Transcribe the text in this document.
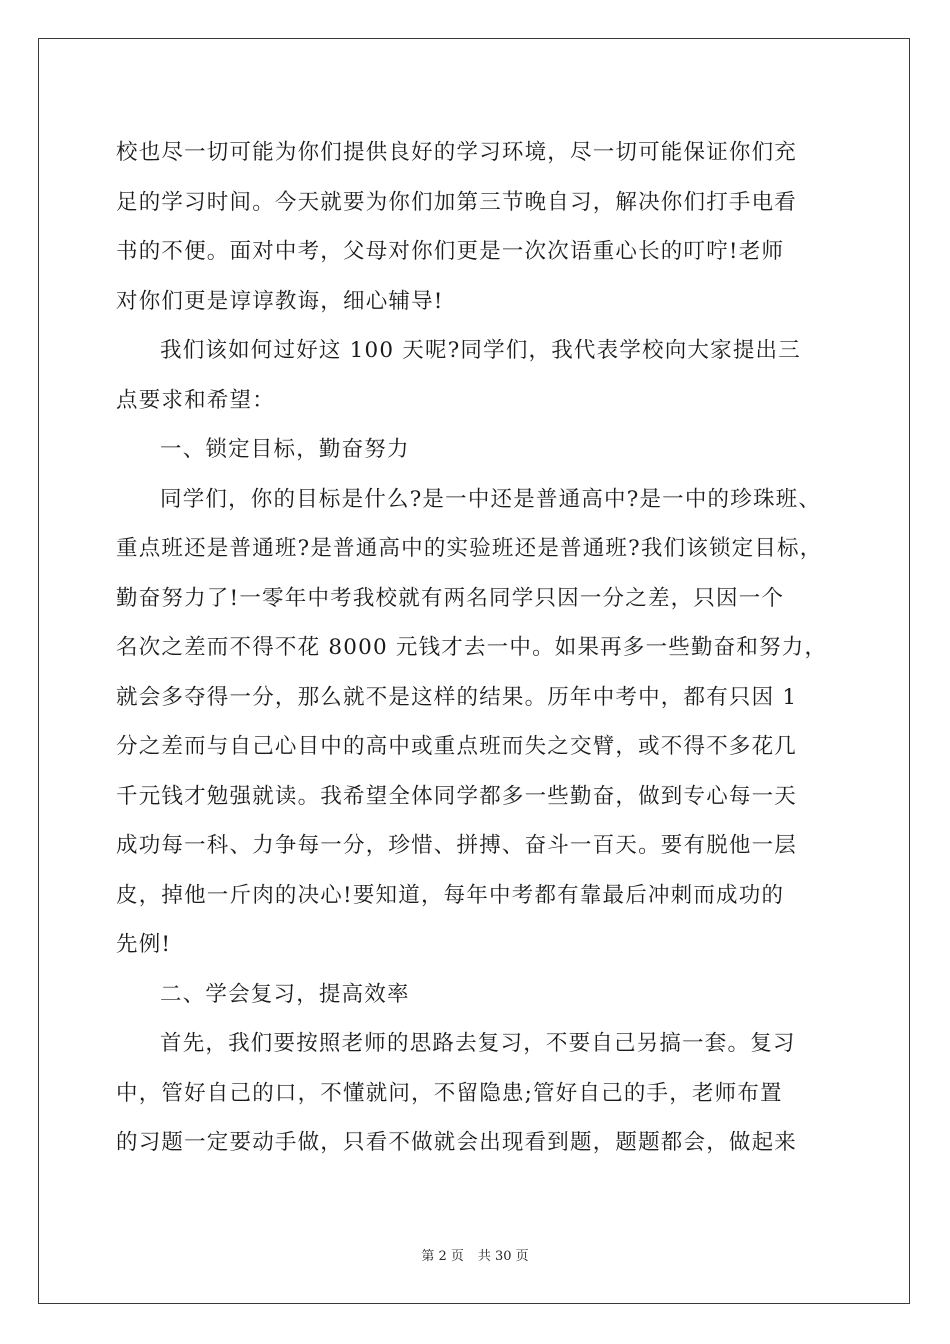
校也尽一切可能为你们提供良好的学习环境，尽一切可能保证你们充
足的学习时间。今天就要为你们加第三节晚自习，解决你们打手电看
书的不便。面对中考，父母对你们更是一次次语重心长的叮咛!老师
对你们更是谆谆教诲，细心辅导!
我们该如何过好这 100 天呢?同学们，我代表学校向大家提出三
点要求和希望：
一、锁定目标，勤奋努力
同学们，你的目标是什么?是一中还是普通高中?是一中的珍珠班、
重点班还是普通班?是普通高中的实验班还是普通班?我们该锁定目标，
勤奋努力了!一零年中考我校就有两名同学只因一分之差，只因一个
名次之差而不得不花 8000 元钱才去一中。如果再多一些勤奋和努力，
就会多夺得一分，那么就不是这样的结果。历年中考中，都有只因 1
分之差而与自己心目中的高中或重点班而失之交臂，或不得不多花几
千元钱才勉强就读。我希望全体同学都多一些勤奋，做到专心每一天
成功每一科、力争每一分，珍惜、拼搏、奋斗一百天。要有脱他一层
皮，掉他一斤肉的决心!要知道，每年中考都有靠最后冲刺而成功的
先例!
二、学会复习，提高效率
首先，我们要按照老师的思路去复习，不要自己另搞一套。复习
中，管好自己的口，不懂就问，不留隐患;管好自己的手，老师布置
的习题一定要动手做，只看不做就会出现看到题，题题都会，做起来
第 2 页 共 30 页
